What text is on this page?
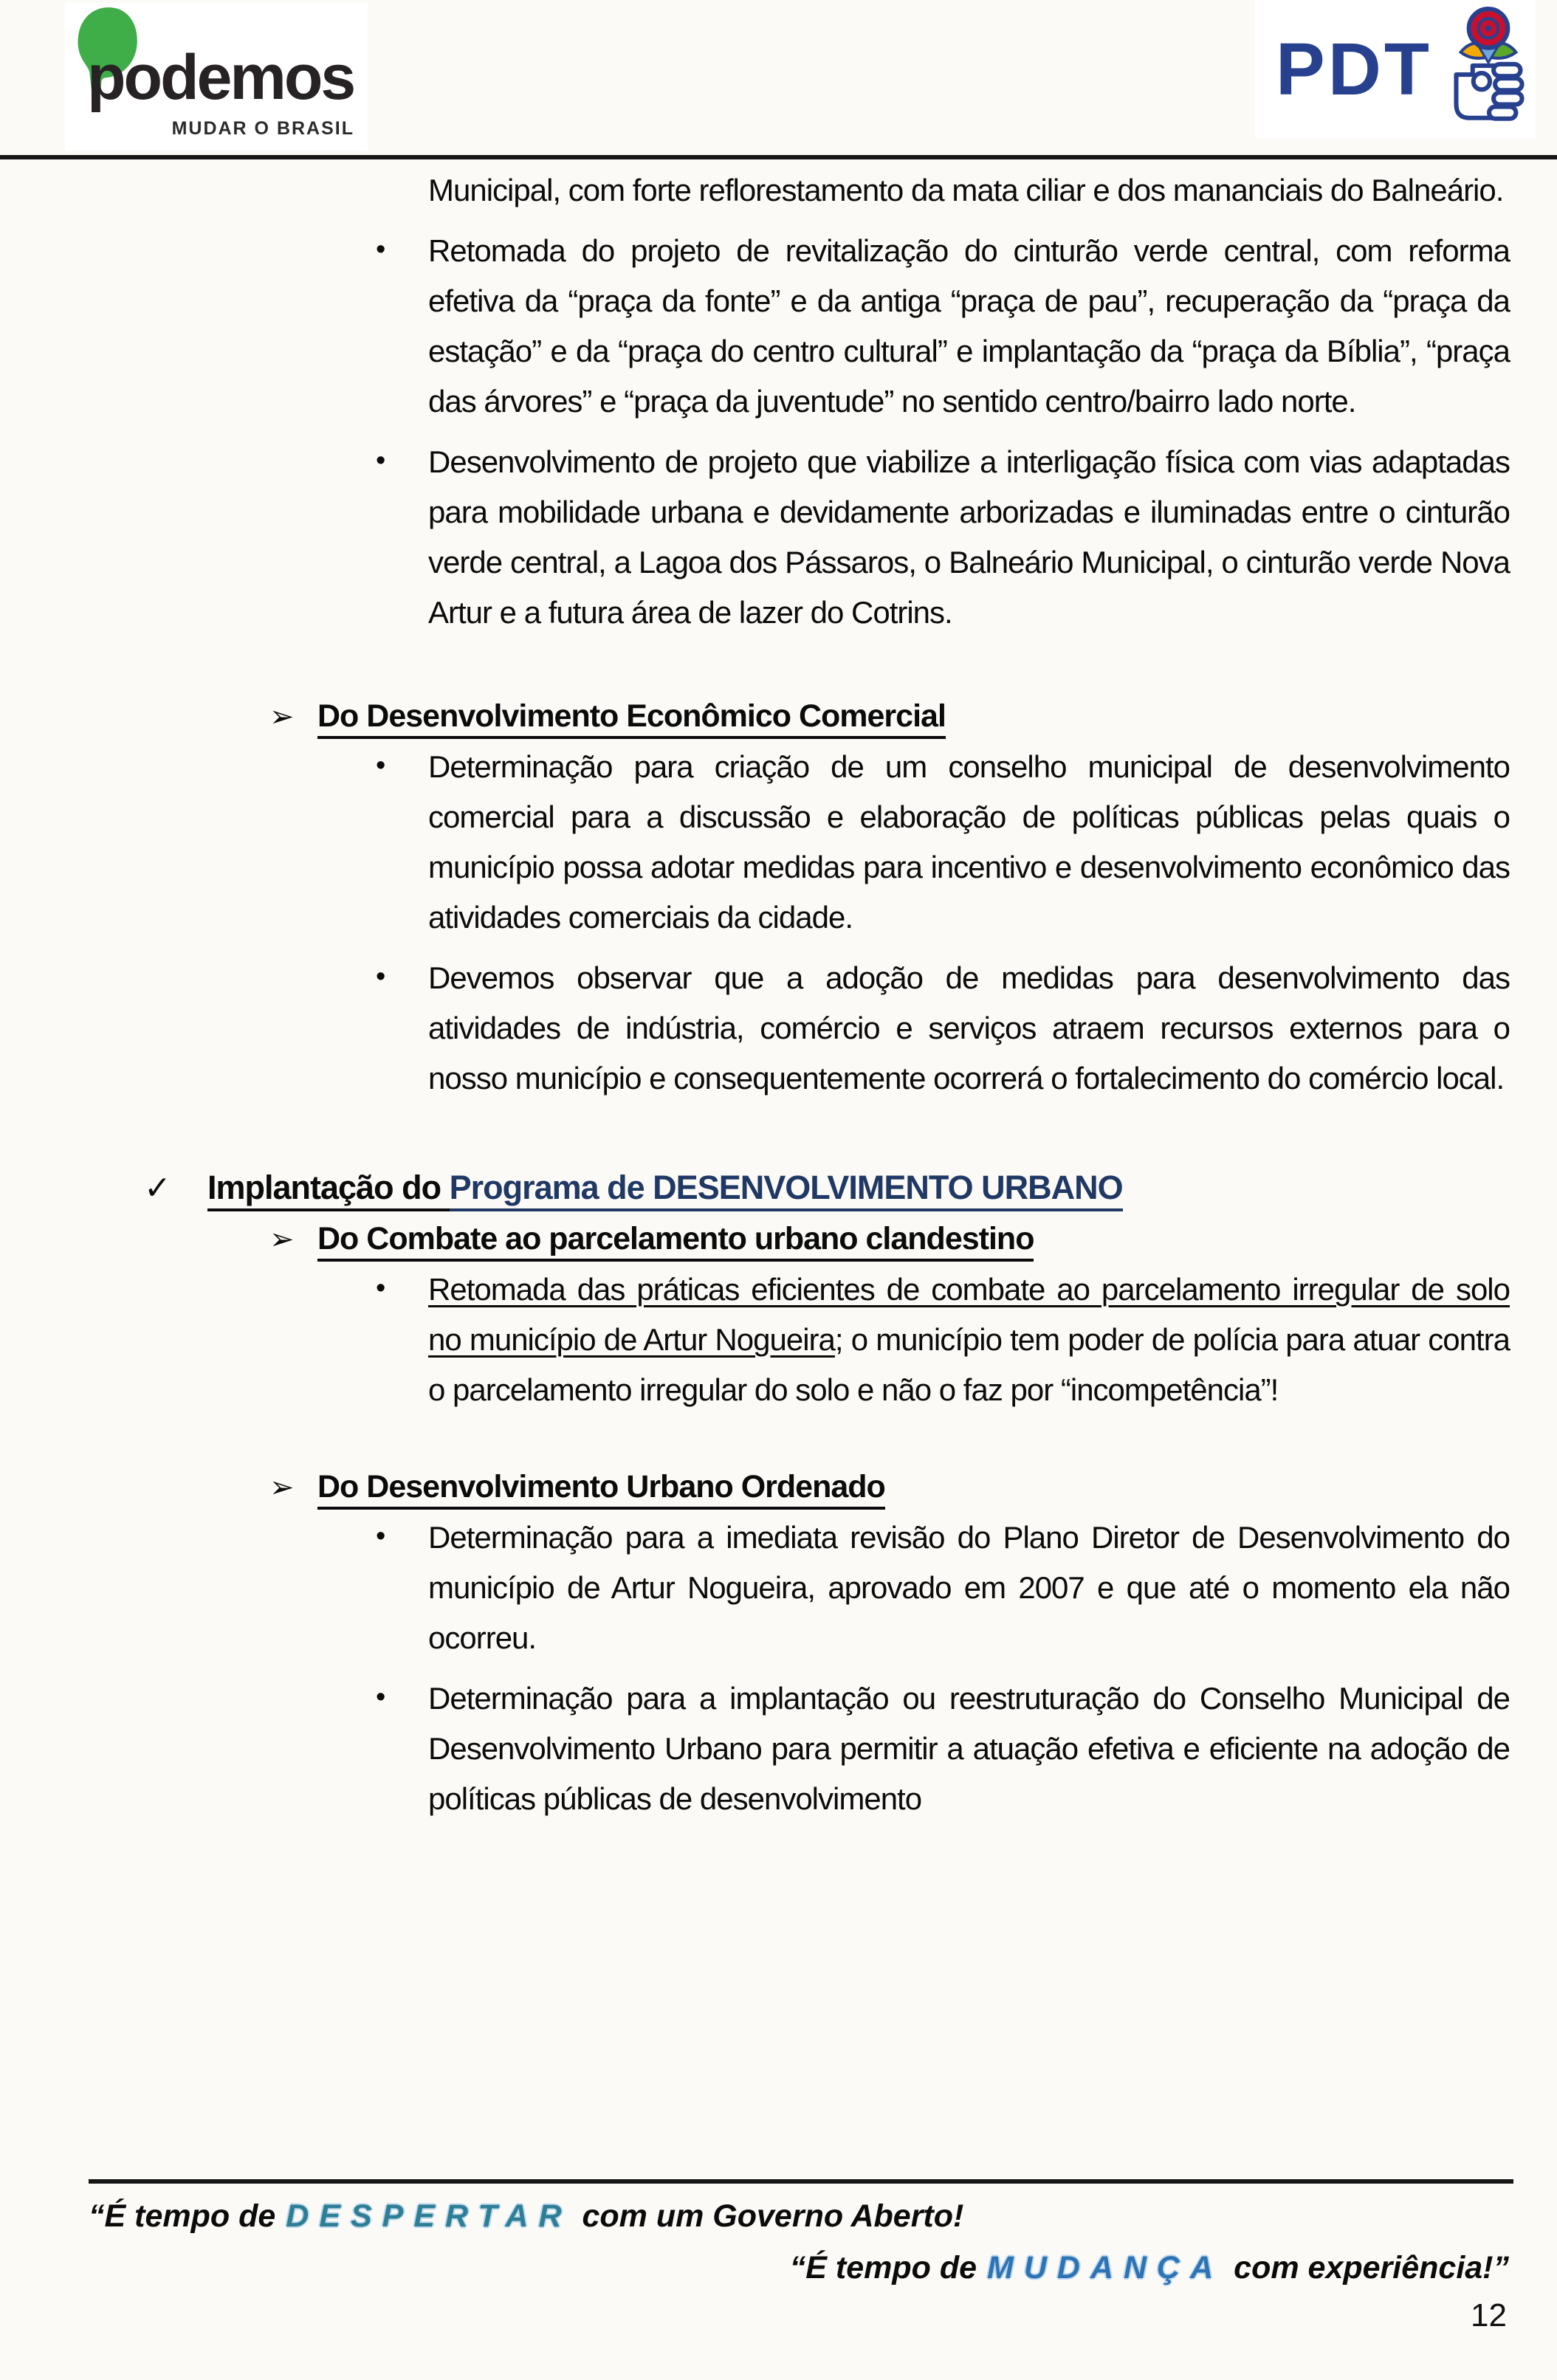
podemos
MUDAR O BRASIL
PDT

Municipal, com forte reflorestamento da mata ciliar e dos mananciais do Balneário.

• Retomada do projeto de revitalização do cinturão verde central, com reforma efetiva da “praça da fonte” e da antiga “praça de pau”, recuperação da “praça da estação” e da “praça do centro cultural” e implantação da “praça da Bíblia”, “praça das árvores” e “praça da juventude” no sentido centro/bairro lado norte.
• Desenvolvimento de projeto que viabilize a interligação física com vias adaptadas para mobilidade urbana e devidamente arborizadas e iluminadas entre o cinturão verde central, a Lagoa dos Pássaros, o Balneário Municipal, o cinturão verde Nova Artur e a futura área de lazer do Cotrins.
➢ Do Desenvolvimento Econômico Comercial
• Determinação para criação de um conselho municipal de desenvolvimento comercial para a discussão e elaboração de políticas públicas pelas quais o município possa adotar medidas para incentivo e desenvolvimento econômico das atividades comerciais da cidade.
• Devemos observar que a adoção de medidas para desenvolvimento das atividades de indústria, comércio e serviços atraem recursos externos para o nosso município e consequentemente ocorrerá o fortalecimento do comércio local.
✓ Implantação do Programa de DESENVOLVIMENTO URBANO
➢ Do Combate ao parcelamento urbano clandestino
• Retomada das práticas eficientes de combate ao parcelamento irregular de solo no município de Artur Nogueira; o município tem poder de polícia para atuar contra o parcelamento irregular do solo e não o faz por “incompetência”!
➢ Do Desenvolvimento Urbano Ordenado
• Determinação para a imediata revisão do Plano Diretor de Desenvolvimento do município de Artur Nogueira, aprovado em 2007 e que até o momento ela não ocorreu.
• Determinação para a implantação ou reestruturação do Conselho Municipal de Desenvolvimento Urbano para permitir a atuação efetiva e eficiente na adoção de políticas públicas de desenvolvimento

“É tempo de DESPERTAR com um Governo Aberto!

“É tempo de MUDANÇA com experiência!”

12
